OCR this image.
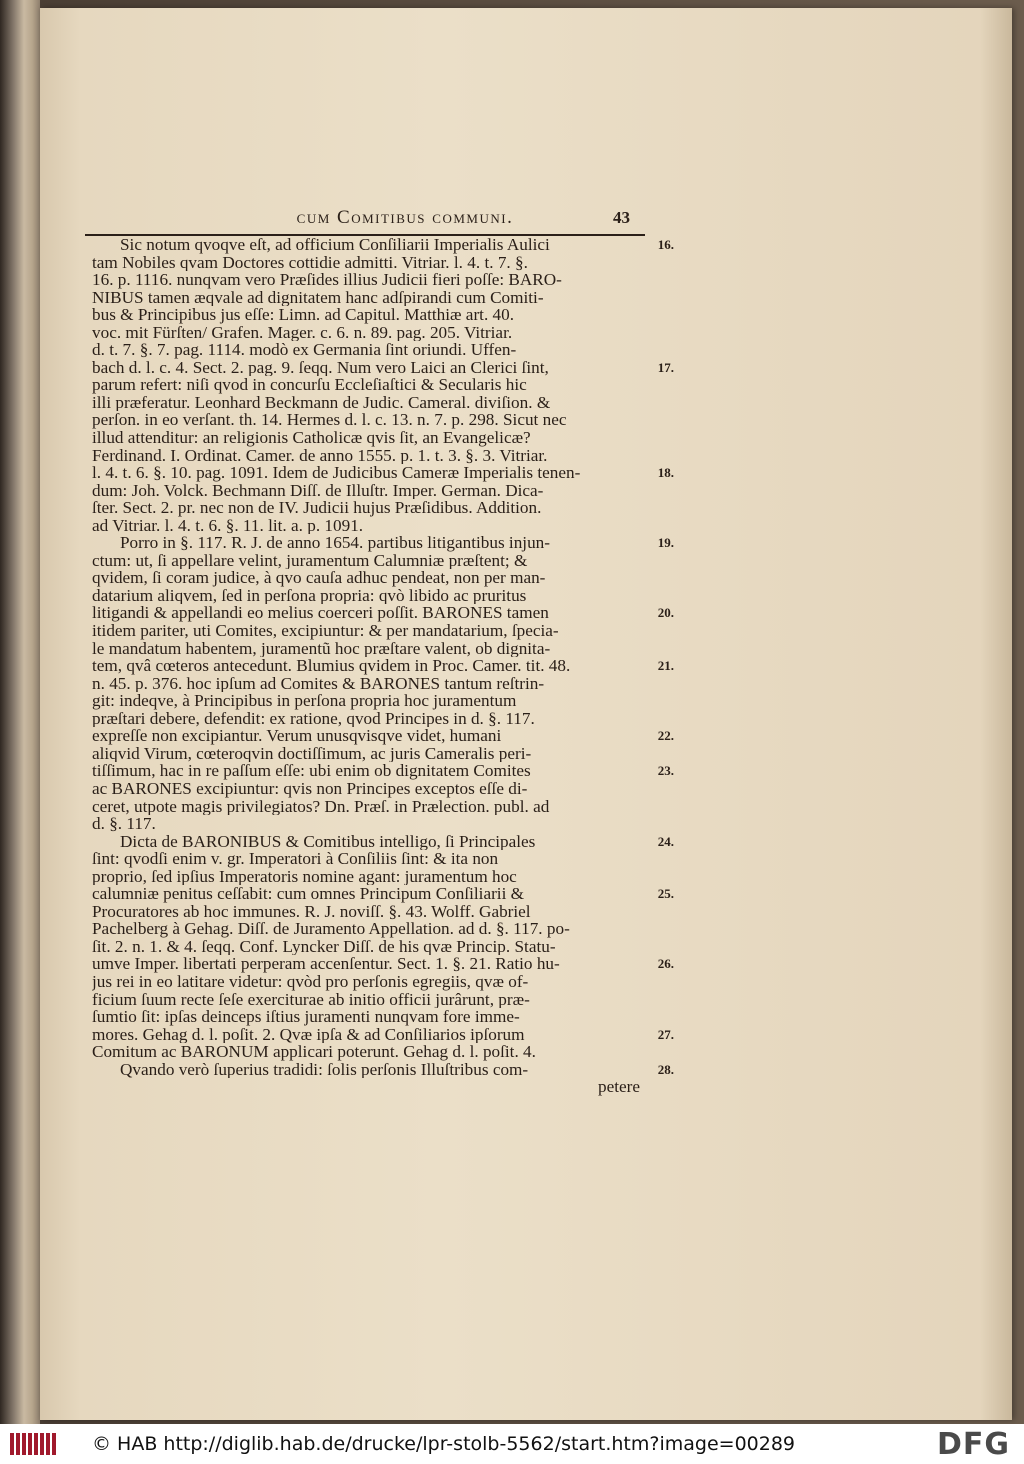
cum Comitibus communi.	43
Sic notum qvoqve eſt, ad officium Conſiliarii Imperialis Aulici	16.
tam Nobiles qvam Doctores cottidie admitti. Vitriar. l. 4. t. 7. §.
16. p. 1116. nunqvam vero Præſides illius Judicii fieri poſſe: BARO-
NIBUS tamen æqvale ad dignitatem hanc adſpirandi cum Comiti-
bus & Principibus jus eſſe: Limn. ad Capitul. Matthiæ art. 40.
voc. mit Fürſten/ Grafen. Mager. c. 6. n. 89. pag. 205. Vitriar.
d. t. 7. §. 7. pag. 1114. modò ex Germania ſint oriundi. Uffen-
bach d. l. c. 4. Sect. 2. pag. 9. ſeqq. Num vero Laici an Clerici ſint,	17.
parum refert: niſi qvod in concurſu Eccleſiaſtici & Secularis hic
illi præferatur. Leonhard Beckmann de Judic. Cameral. diviſion. &
perſon. in eo verſant. th. 14. Hermes d. l. c. 13. n. 7. p. 298. Sicut nec
illud attenditur: an religionis Catholicæ qvis ſit, an Evangelicæ?
Ferdinand. I. Ordinat. Camer. de anno 1555. p. 1. t. 3. §. 3. Vitriar.
l. 4. t. 6. §. 10. pag. 1091. Idem de Judicibus Cameræ Imperialis tenen-	18.
dum: Joh. Volck. Bechmann Diſſ. de Illuſtr. Imper. German. Dica-
ſter. Sect. 2. pr. nec non de IV. Judicii hujus Præſidibus. Addition.
ad Vitriar. l. 4. t. 6. §. 11. lit. a. p. 1091.
Porro in §. 117. R. J. de anno 1654. partibus litigantibus injun-	19.
ctum: ut, ſi appellare velint, juramentum Calumniæ præſtent; &
qvidem, ſi coram judice, à qvo cauſa adhuc pendeat, non per man-
datarium aliqvem, ſed in perſona propria: qvò libido ac pruritus
litigandi & appellandi eo melius coerceri poſſit. BARONES tamen	20.
itidem pariter, uti Comites, excipiuntur: & per mandatarium, ſpecia-
le mandatum habentem, juramentũ hoc præſtare valent, ob dignita-
tem, qvâ cœteros antecedunt. Blumius qvidem in Proc. Camer. tit. 48.	21.
n. 45. p. 376. hoc ipſum ad Comites & BARONES tantum reſtrin-
git: indeqve, à Principibus in perſona propria hoc juramentum
præſtari debere, defendit: ex ratione, qvod Principes in d. §. 117.
expreſſe non excipiantur. Verum unusqvisqve videt, humani	22.
aliqvid Virum, cœteroqvin doctiſſimum, ac juris Cameralis peri-
tiſſimum, hac in re paſſum eſſe: ubi enim ob dignitatem Comites	23.
ac BARONES excipiuntur: qvis non Principes exceptos eſſe di-
ceret, utpote magis privilegiatos? Dn. Præſ. in Prælection. publ. ad
d. §. 117.
Dicta de BARONIBUS & Comitibus intelligo, ſi Principales	24.
ſint: qvodſi enim v. gr. Imperatori à Conſiliis ſint: & ita non
proprio, ſed ipſius Imperatoris nomine agant: juramentum hoc
calumniæ penitus ceſſabit: cum omnes Principum Conſiliarii &	25.
Procuratores ab hoc immunes. R. J. noviſſ. §. 43. Wolff. Gabriel
Pachelberg à Gehag. Diſſ. de Juramento Appellation. ad d. §. 117. po-
ſit. 2. n. 1. & 4. ſeqq. Conf. Lyncker Diſſ. de his qvæ Princip. Statu-
umve Imper. libertati perperam accenſentur. Sect. 1. §. 21. Ratio hu-	26.
jus rei in eo latitare videtur: qvòd pro perſonis egregiis, qvæ of-
ficium ſuum recte ſeſe exerciturae ab initio officii jurârunt, præ-
ſumtio ſit: ipſas deinceps iſtius juramenti nunqvam fore imme-
mores. Gehag d. l. poſit. 2. Qvæ ipſa & ad Conſiliarios ipſorum	27.
Comitum ac BARONUM applicari poterunt. Gehag d. l. poſit. 4.
Qvando verò ſuperius tradidi: ſolis perſonis Illuſtribus com-	28.
petere
© HAB http://diglib.hab.de/drucke/lpr-stolb-5562/start.htm?image=00289	DFG
